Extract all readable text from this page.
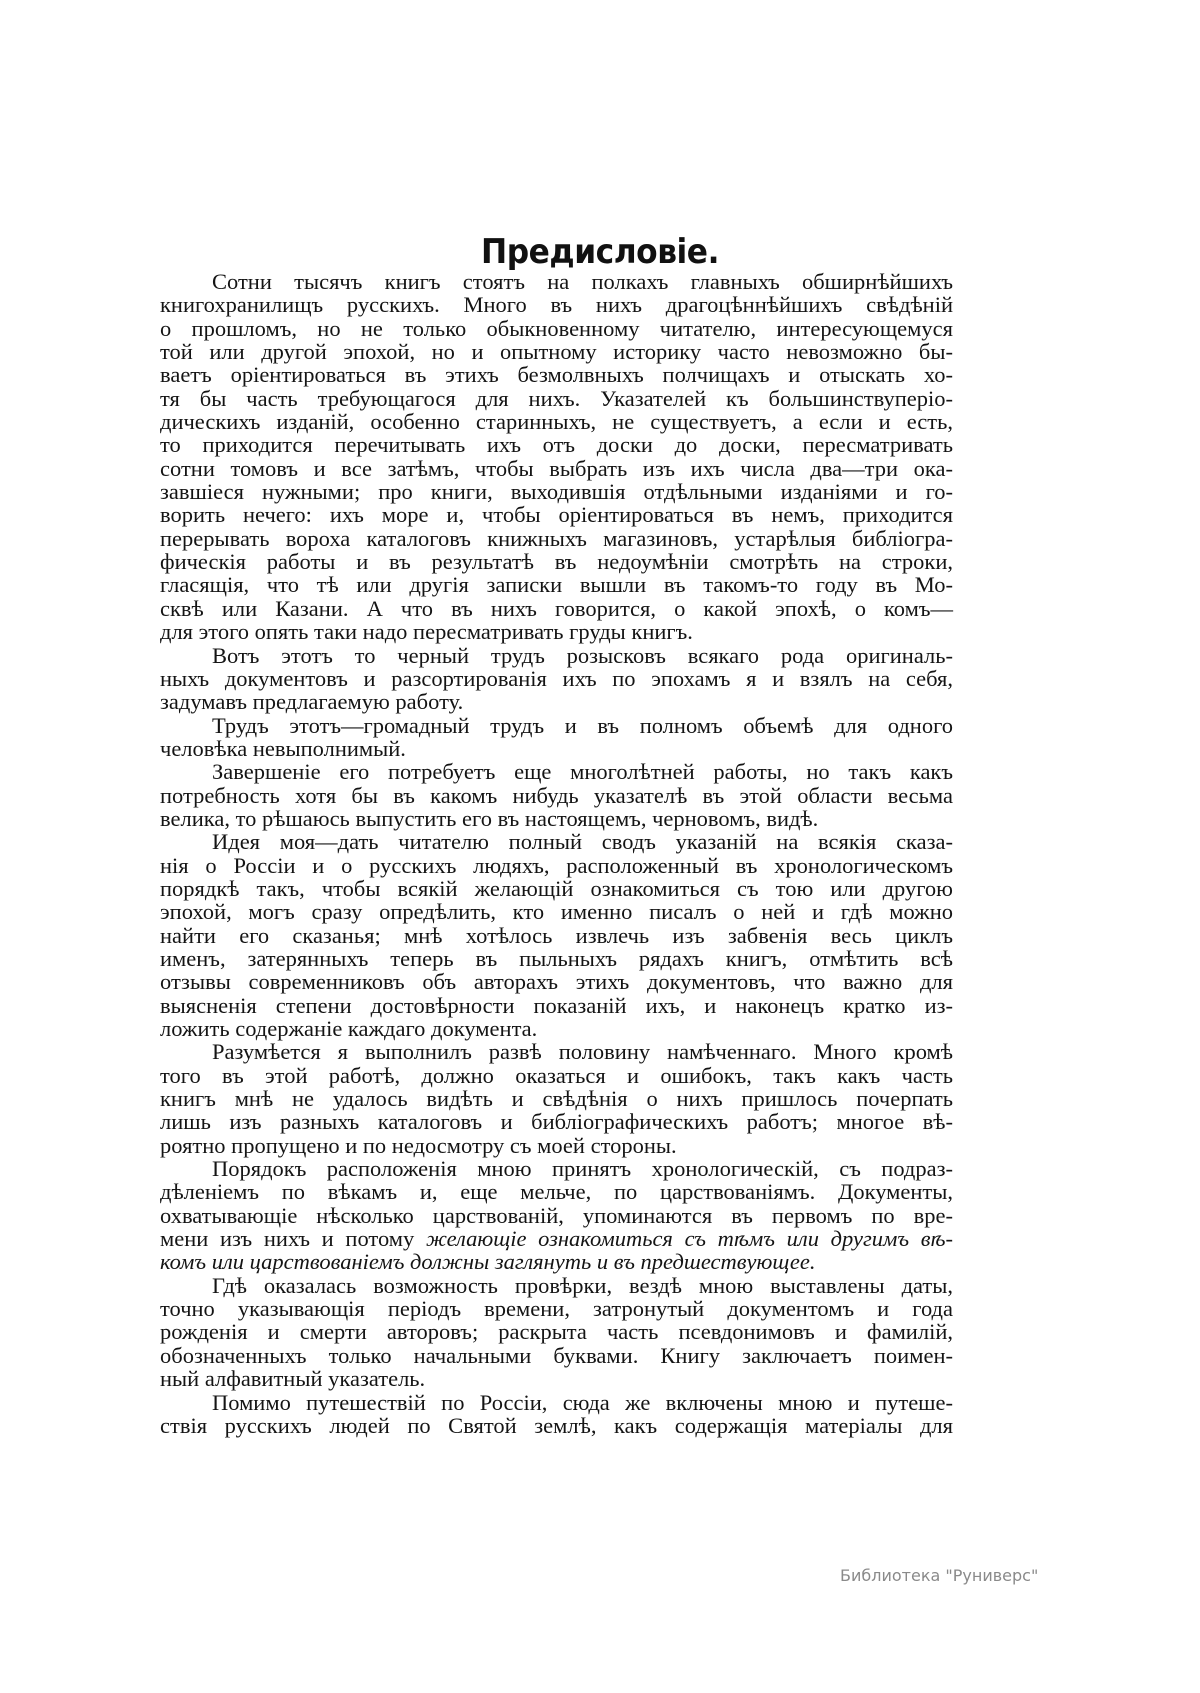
Предисловіе.
Сотни тысячъ книгъ стоятъ на полкахъ главныхъ обширнѣйшихъ
книгохранилищъ русскихъ. Много въ нихъ драгоцѣннѣйшихъ свѣдѣній
о прошломъ, но не только обыкновенному читателю, интересующемуся
той или другой эпохой, но и опытному историку часто невозможно бы-
ваетъ оріентироваться въ этихъ безмолвныхъ полчищахъ и отыскать хо-
тя бы часть требующагося для нихъ. Указателей къ большинствуперіо-
дическихъ изданій, особенно старинныхъ, не существуетъ, а если и есть,
то приходится перечитывать ихъ отъ доски до доски, пересматривать
сотни томовъ и все затѣмъ, чтобы выбрать изъ ихъ числа два—три ока-
завшіеся нужными; про книги, выходившія отдѣльными изданіями и го-
ворить нечего: ихъ море и, чтобы оріентироваться въ немъ, приходится
перерывать вороха каталоговъ книжныхъ магазиновъ, устарѣлыя библіогра-
фическія работы и въ результатѣ въ недоумѣніи смотрѣть на строки,
гласящія, что тѣ или другія записки вышли въ такомъ-то году въ Мо-
сквѣ или Казани. А что въ нихъ говорится, о какой эпохѣ, о комъ—
для этого опять таки надо пересматривать груды книгъ.
Вотъ этотъ то черный трудъ розысковъ всякаго рода оригиналь-
ныхъ документовъ и разсортированія ихъ по эпохамъ я и взялъ на себя,
задумавъ предлагаемую работу.
Трудъ этотъ—громадный трудъ и въ полномъ объемѣ для одного
человѣка невыполнимый.
Завершеніе его потребуетъ еще многолѣтней работы, но такъ какъ
потребность хотя бы въ какомъ нибудь указателѣ въ этой области весьма
велика, то рѣшаюсь выпустить его въ настоящемъ, черновомъ, видѣ.
Идея моя—дать читателю полный сводъ указаній на всякія сказа-
нія о Россіи и о русскихъ людяхъ, расположенный въ хронологическомъ
порядкѣ такъ, чтобы всякій желающій ознакомиться съ тою или другою
эпохой, могъ сразу опредѣлить, кто именно писалъ о ней и гдѣ можно
найти его сказанья; мнѣ хотѣлось извлечь изъ забвенія весь циклъ
именъ, затерянныхъ теперь въ пыльныхъ рядахъ книгъ, отмѣтить всѣ
отзывы современниковъ объ авторахъ этихъ документовъ, что важно для
выясненія степени достовѣрности показаній ихъ, и наконецъ кратко из-
ложить содержаніе каждаго документа.
Разумѣется я выполнилъ развѣ половину намѣченнаго. Много кромѣ
того въ этой работѣ, должно оказаться и ошибокъ, такъ какъ часть
книгъ мнѣ не удалось видѣть и свѣдѣнія о нихъ пришлось почерпать
лишь изъ разныхъ каталоговъ и библіографическихъ работъ; многое вѣ-
роятно пропущено и по недосмотру съ моей стороны.
Порядокъ расположенія мною принятъ хронологическій, съ подраз-
дѣленіемъ по вѣкамъ и, еще мельче, по царствованіямъ. Документы,
охватывающіе нѣсколько царствованій, упоминаются въ первомъ по вре-
мени изъ нихъ и потому желающіе ознакомиться съ тѣмъ или другимъ вѣ-
комъ или царствованіемъ должны заглянуть и въ предшествующее.
Гдѣ оказалась возможность провѣрки, вездѣ мною выставлены даты,
точно указывающія періодъ времени, затронутый документомъ и года
рожденія и смерти авторовъ; раскрыта часть псевдонимовъ и фамилій,
обозначенныхъ только начальными буквами. Книгу заключаетъ поимен-
ный алфавитный указатель.
Помимо путешествій по Россіи, сюда же включены мною и путеше-
ствія русскихъ людей по Святой землѣ, какъ содержащія матеріалы для
Библиотека "Руниверс"
